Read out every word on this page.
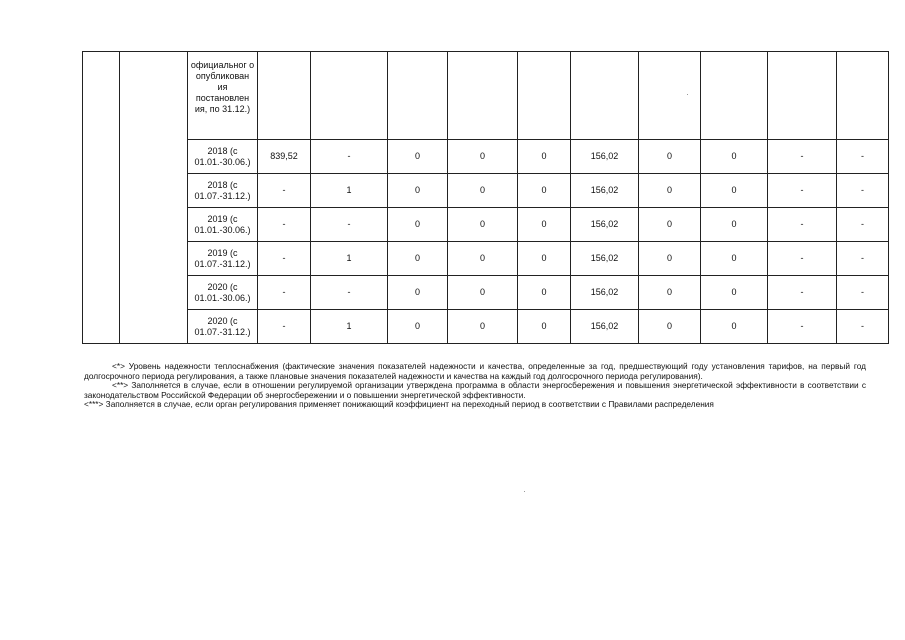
		официальног о опубликован ия постановлен ия, по 31.12.)										
		2018 (с 01.01.-30.06.)	839,52	-	0	0	0	156,02	0	0	-	-
		2018 (с 01.07.-31.12.)	-	1	0	0	0	156,02	0	0	-	-
		2019 (с 01.01.-30.06.)	-	-	0	0	0	156,02	0	0	-	-
		2019 (с 01.07.-31.12.)	-	1	0	0	0	156,02	0	0	-	-
		2020 (с 01.01.-30.06.)	-	-	0	0	0	156,02	0	0	-	-
		2020 (с 01.07.-31.12.)	-	1	0	0	0	156,02	0	0	-	-

<*> Уровень надежности теплоснабжения (фактические значения показателей надежности и качества, определенные за год, предшествующий году установления тарифов, на первый год долгосрочного периода регулирования, а также плановые значения показателей надежности и качества на каждый год долгосрочного периода регулирования).

<**> Заполняется в случае, если в отношении регулируемой организации утверждена программа в области энергосбережения и повышения энергетической эффективности в соответствии с законодательством Российской Федерации об энергосбережении и о повышении энергетической эффективности.

<***> Заполняется в случае, если орган регулирования применяет понижающий коэффициент на переходный период в соответствии с Правилами распределения
